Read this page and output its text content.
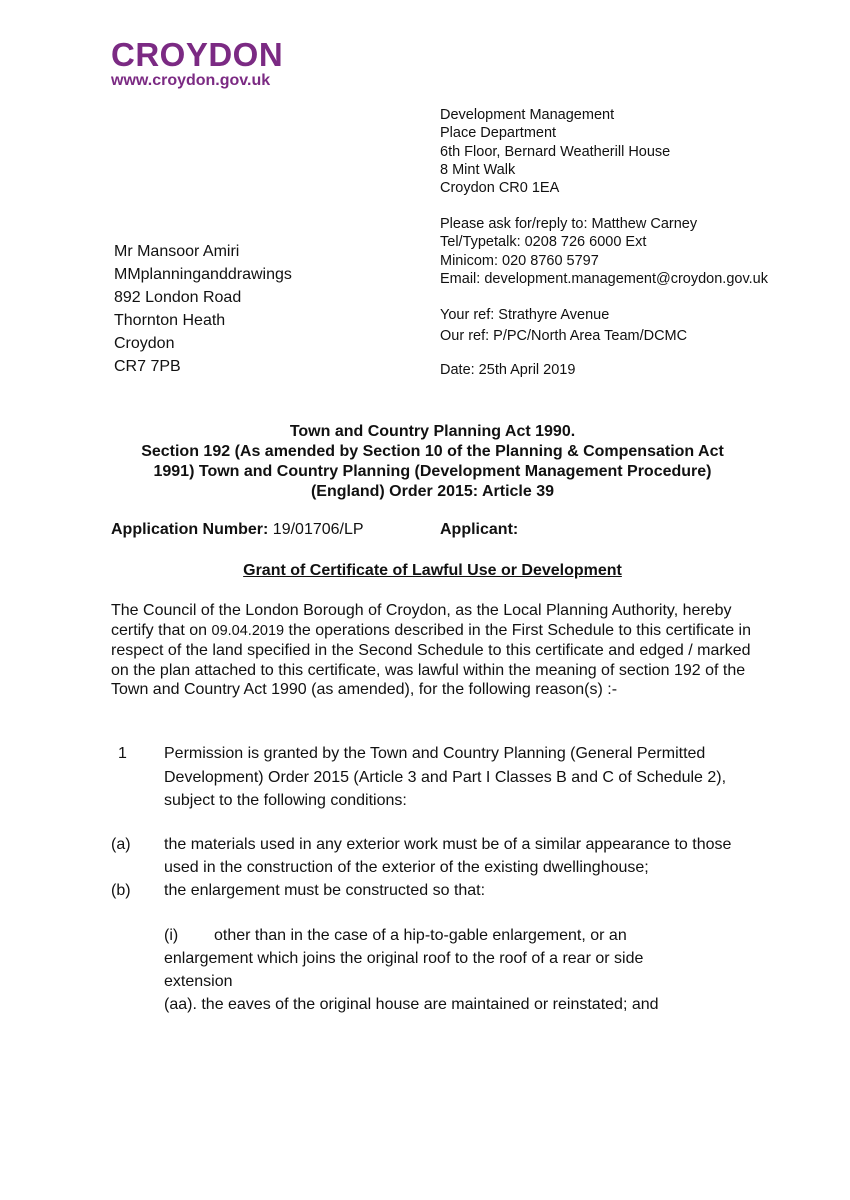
CROYDON
www.croydon.gov.uk
Development Management
Place Department
6th Floor, Bernard Weatherill House
8 Mint Walk
Croydon CR0 1EA
Please ask for/reply to: Matthew Carney
Tel/Typetalk: 0208 726 6000 Ext
Minicom: 020 8760 5797
Email: development.management@croydon.gov.uk
Your ref: Strathyre Avenue
Our ref: P/PC/North Area Team/DCMC
Date: 25th April 2019
Mr Mansoor Amiri
MMplanninganddrawings
892 London Road
Thornton Heath
Croydon
CR7 7PB
Town and Country Planning Act 1990.
Section 192 (As amended by Section 10 of the Planning & Compensation Act
1991) Town and Country Planning (Development Management Procedure)
(England) Order 2015: Article 39
Application Number: 19/01706/LP	Applicant:
Grant of Certificate of Lawful Use or Development
The Council of the London Borough of Croydon, as the Local Planning Authority, hereby certify that on 09.04.2019 the operations described in the First Schedule to this certificate in respect of the land specified in the Second Schedule to this certificate and edged / marked on the plan attached to this certificate, was lawful within the meaning of section 192 of the Town and Country Act 1990 (as amended), for the following reason(s) :-
1 Permission is granted by the Town and Country Planning (General Permitted Development) Order 2015 (Article 3 and Part I Classes B and C of Schedule 2), subject to the following conditions:
(a) the materials used in any exterior work must be of a similar appearance to those used in the construction of the exterior of the existing dwellinghouse;
(b) the enlargement must be constructed so that:
(i) other than in the case of a hip-to-gable enlargement, or an enlargement which joins the original roof to the roof of a rear or side extension
(aa). the eaves of the original house are maintained or reinstated; and
